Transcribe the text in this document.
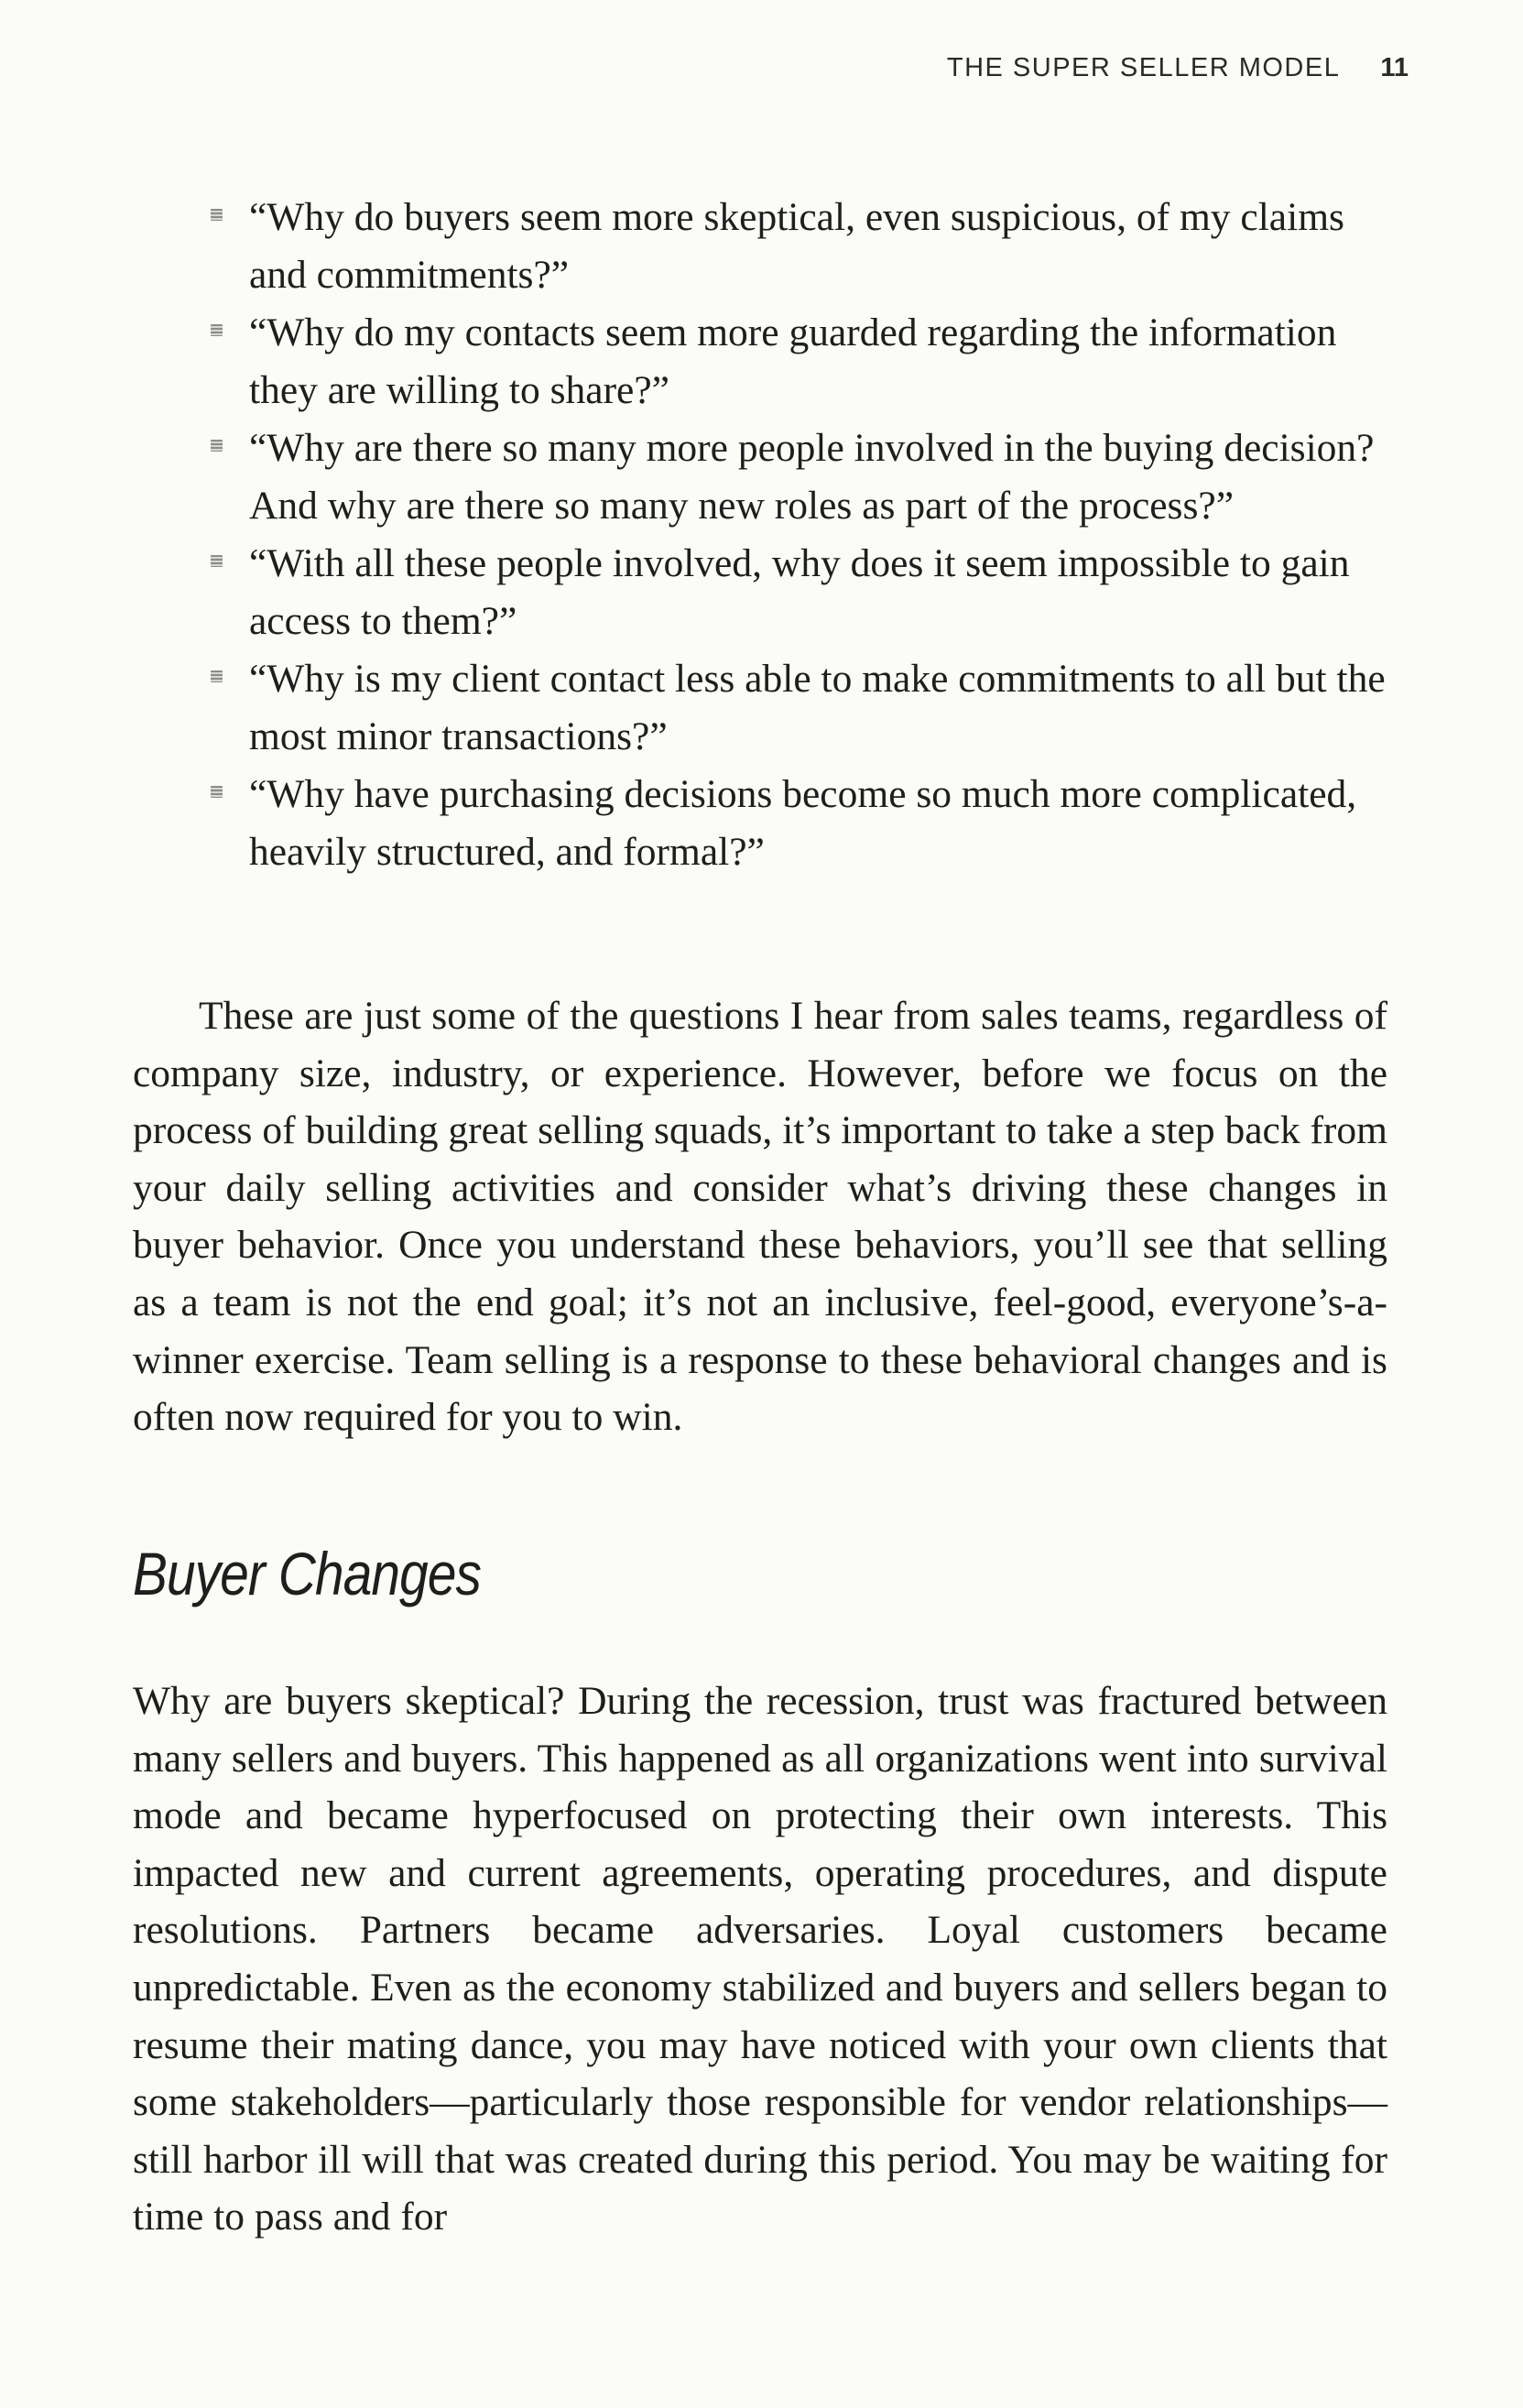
THE SUPER SELLER MODEL 11
“Why do buyers seem more skeptical, even suspicious, of my claims and commitments?”
“Why do my contacts seem more guarded regarding the information they are willing to share?”
“Why are there so many more people involved in the buying decision? And why are there so many new roles as part of the process?”
“With all these people involved, why does it seem impossible to gain access to them?”
“Why is my client contact less able to make commitments to all but the most minor transactions?”
“Why have purchasing decisions become so much more complicated, heavily structured, and formal?”

These are just some of the questions I hear from sales teams, regardless of company size, industry, or experience. However, before we focus on the process of building great selling squads, it’s important to take a step back from your daily selling activities and consider what’s driving these changes in buyer behavior. Once you understand these behaviors, you’ll see that selling as a team is not the end goal; it’s not an inclusive, feel-good, everyone’s-a-winner exercise. Team selling is a response to these behavioral changes and is often now required for you to win.

Buyer Changes

Why are buyers skeptical? During the recession, trust was fractured between many sellers and buyers. This happened as all organizations went into survival mode and became hyperfocused on protecting their own interests. This impacted new and current agreements, operating procedures, and dispute resolutions. Partners became adversaries. Loyal customers became unpredictable. Even as the economy stabilized and buyers and sellers began to resume their mating dance, you may have noticed with your own clients that some stakeholders—particularly those responsible for vendor relationships—still harbor ill will that was created during this period. You may be waiting for time to pass and for
